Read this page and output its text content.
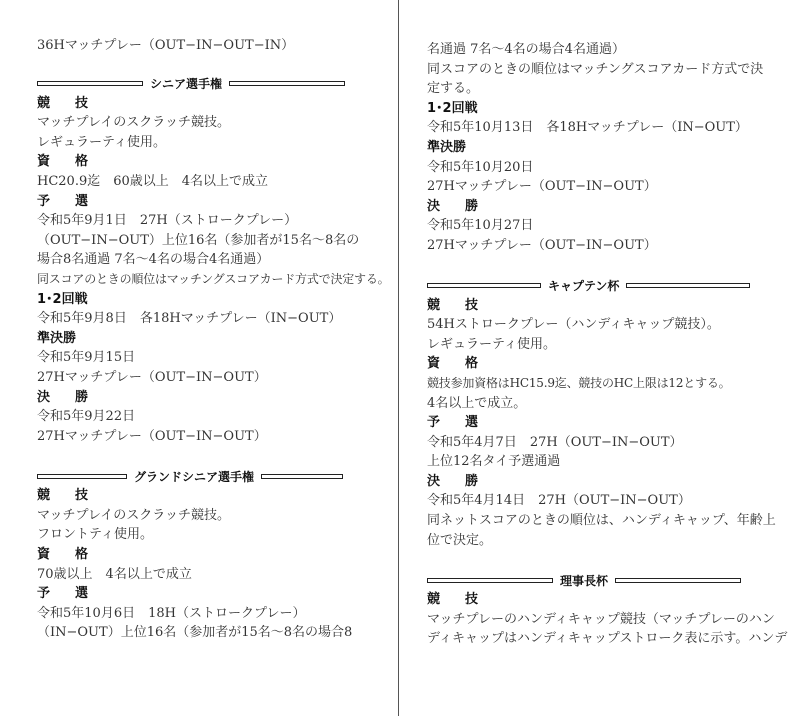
36Hマッチプレー（OUT−IN−OUT−IN）
シニア選手権
競　技
マッチプレイのスクラッチ競技。
レギュラーティ使用。
資　格
HC20.9迄　60歳以上　4名以上で成立
予　選
令和5年9月1日　27H（ストロークプレー）
（OUT−IN−OUT）上位16名（参加者が15名〜8名の
場合8名通過 7名〜4名の場合4名通過）
同スコアのときの順位はマッチングスコアカード方式で決定する。
1･2回戦
令和5年9月8日　各18Hマッチプレー（IN−OUT）
準決勝
令和5年9月15日
27Hマッチプレー（OUT−IN−OUT）
決　勝
令和5年9月22日
27Hマッチプレー（OUT−IN−OUT）
グランドシニア選手権
競　技
マッチプレイのスクラッチ競技。
フロントティ使用。
資　格
70歳以上　4名以上で成立
予　選
令和5年10月6日　18H（ストロークプレー）
（IN−OUT）上位16名（参加者が15名〜8名の場合8
名通過 7名〜4名の場合4名通過）
同スコアのときの順位はマッチングスコアカード方式で決
定する。
1･2回戦
令和5年10月13日　各18Hマッチプレー（IN−OUT）
準決勝
令和5年10月20日
27Hマッチプレー（OUT−IN−OUT）
決　勝
令和5年10月27日
27Hマッチプレー（OUT−IN−OUT）
キャプテン杯
競　技
54Hストロークプレー（ハンディキャップ競技）。
レギュラーティ使用。
資　格
競技参加資格はHC15.9迄、競技のHC上限は12とする。
4名以上で成立。
予　選
令和5年4月7日　27H（OUT−IN−OUT）
上位12名タイ予選通過
決　勝
令和5年4月14日　27H（OUT−IN−OUT）
同ネットスコアのときの順位は、ハンディキャップ、年齢上
位で決定。
理事長杯
競　技
マッチプレーのハンディキャップ競技（マッチプレーのハン
ディキャップはハンディキャップストローク表に示す。ハンデ
